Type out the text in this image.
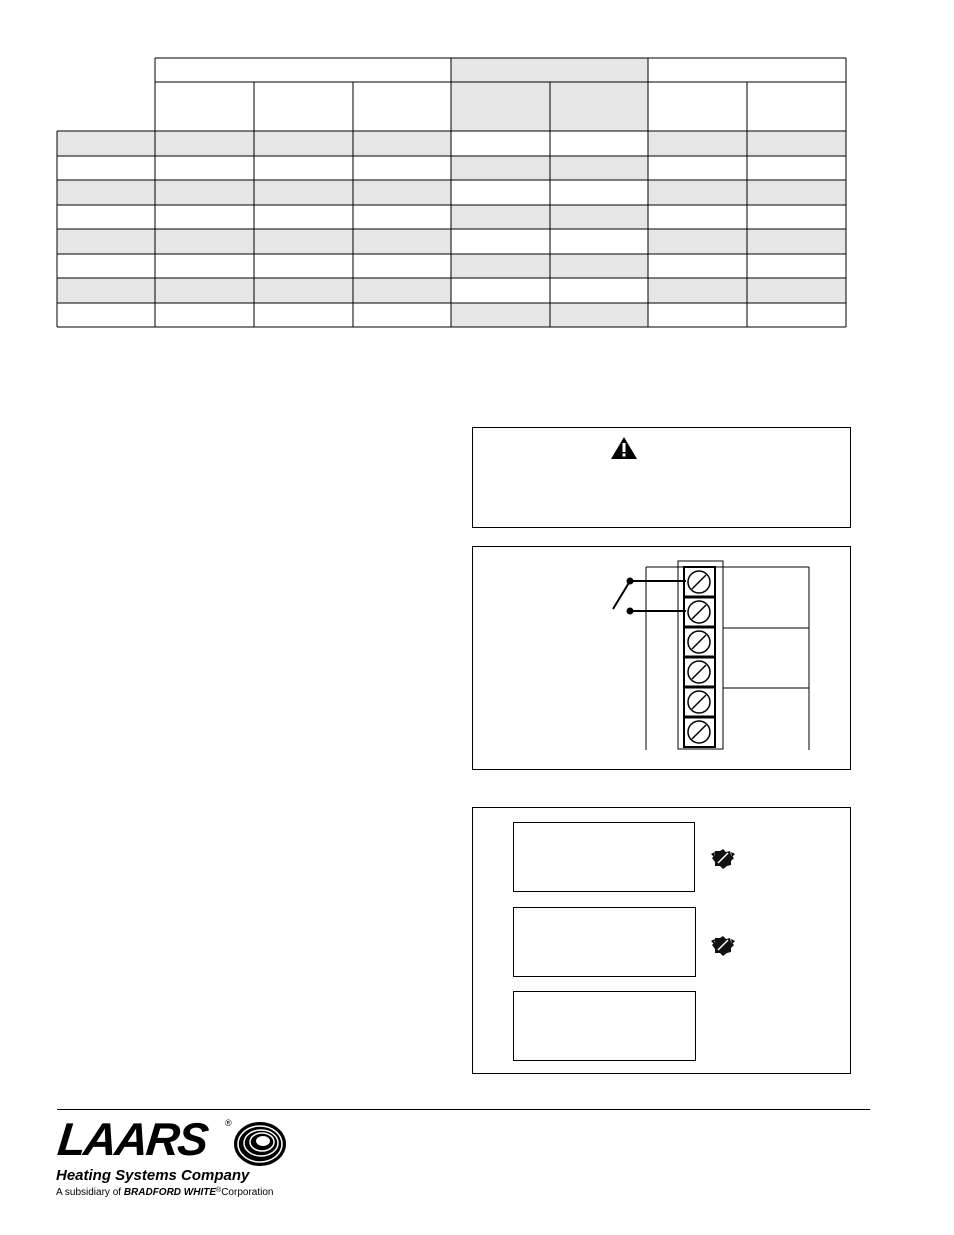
LAARS ®
Heating Systems Company
A subsidiary of BRADFORD WHITE®Corporation
